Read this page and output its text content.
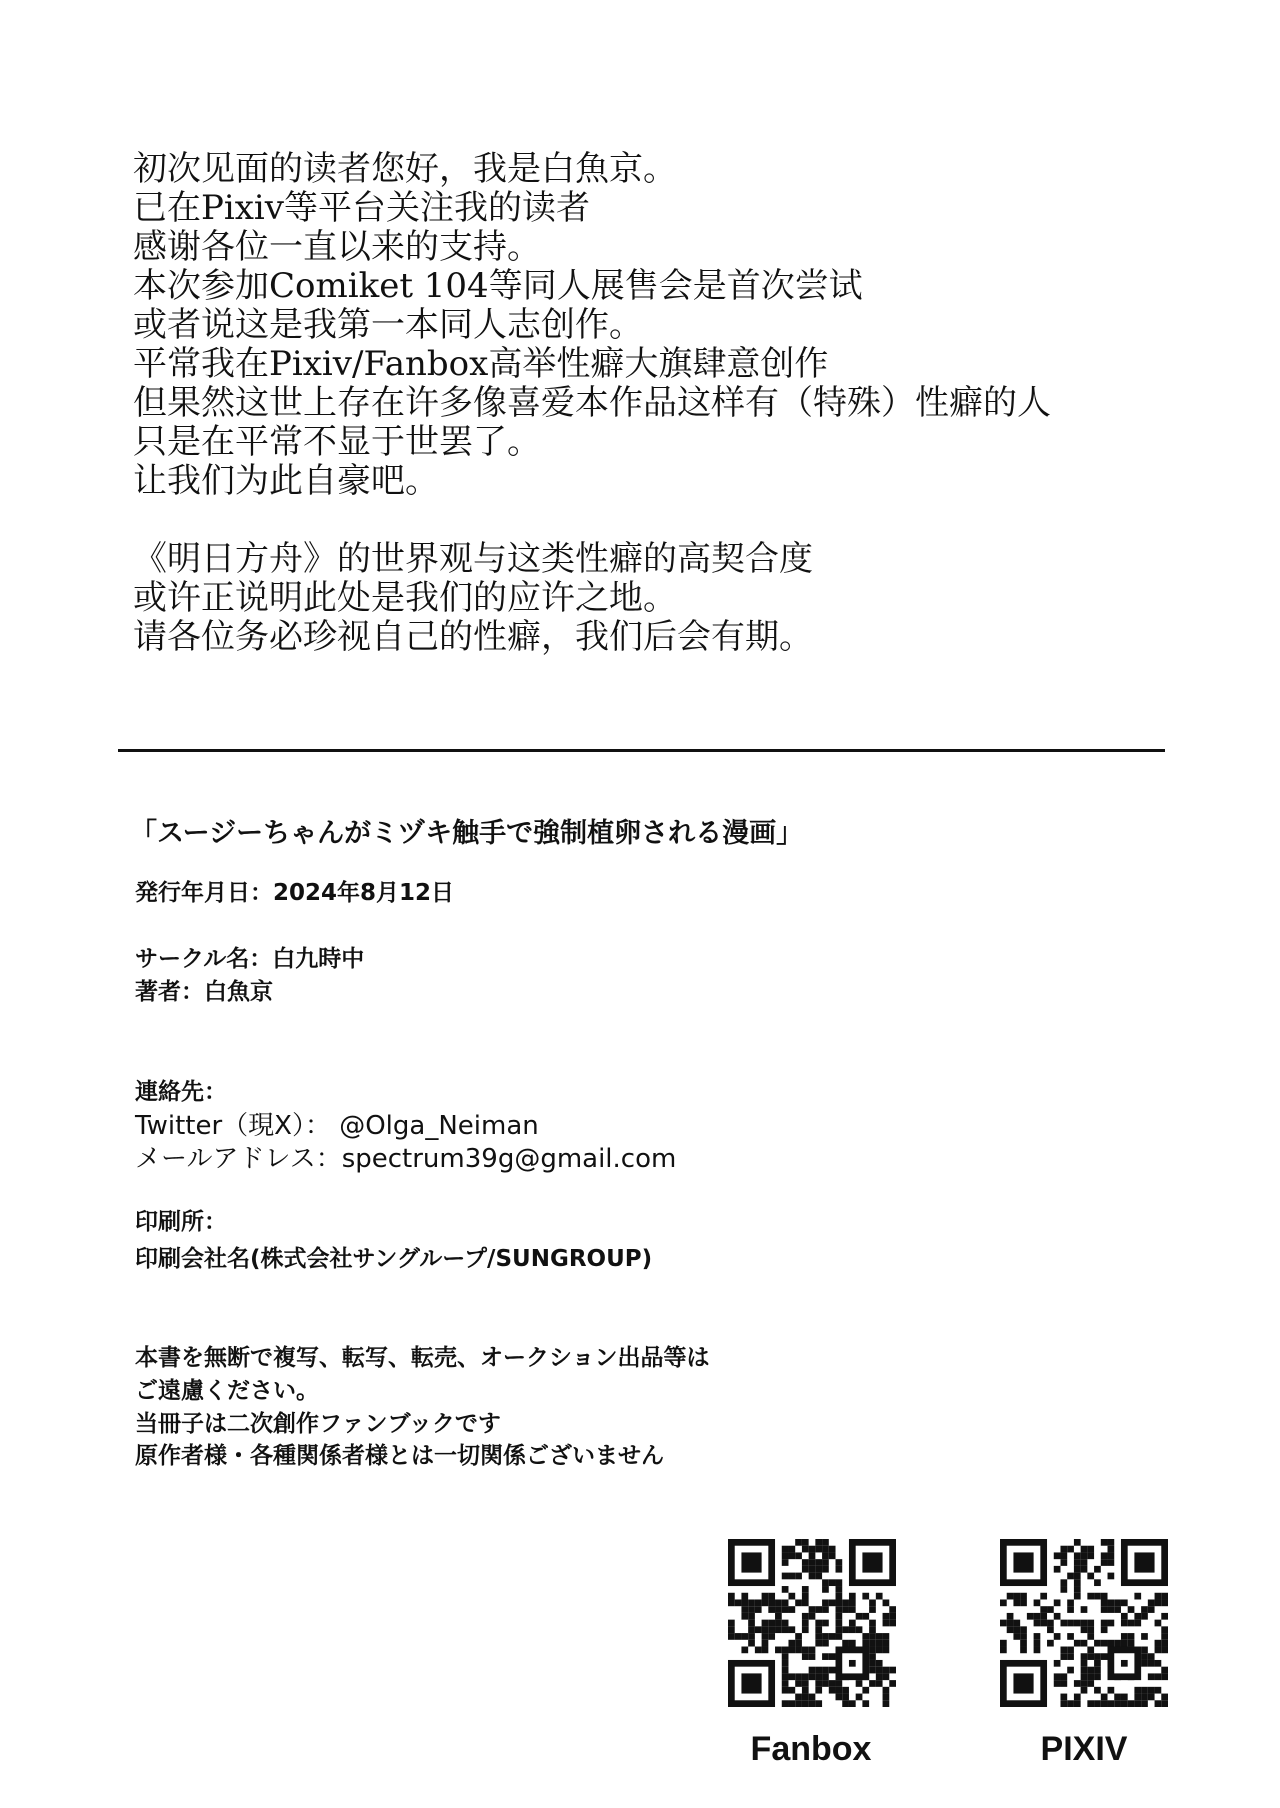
初次见面的读者您好，我是白魚京。
已在Pixiv等平台关注我的读者
感谢各位一直以来的支持。
本次参加Comiket 104等同人展售会是首次尝试
或者说这是我第一本同人志创作。
平常我在Pixiv/Fanbox高举性癖大旗肆意创作
但果然这世上存在许多像喜爱本作品这样有（特殊）性癖的人
只是在平常不显于世罢了。
让我们为此自豪吧。
《明日方舟》的世界观与这类性癖的高契合度
或许正说明此处是我们的应许之地。
请各位务必珍视自己的性癖，我们后会有期。
「スージーちゃんがミヅキ触手で強制植卵される漫画」
発行年月日：2024年8月12日
サークル名：白九時中
著者：白魚京
連絡先：
Twitter（現X）： @Olga_Neiman
メールアドレス：spectrum39g@gmail.com
印刷所：
印刷会社名(株式会社サングループ/SUNGROUP)
本書を無断で複写、転写、転売、オークション出品等は
ご遠慮ください。
当冊子は二次創作ファンブックです
原作者様・各種関係者様とは一切関係ございません
Fanbox	PIXIV
